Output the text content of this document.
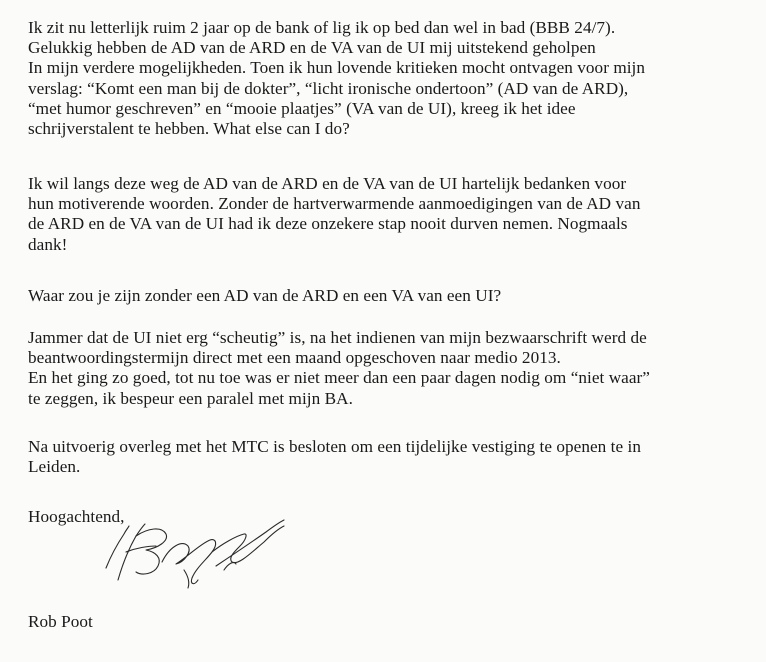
Ik zit nu letterlijk ruim 2 jaar op de bank of lig ik op bed dan wel in bad (BBB 24/7).
Gelukkig hebben de AD van de ARD en de VA van de UI mij uitstekend geholpen
In mijn verdere mogelijkheden. Toen ik hun lovende kritieken mocht ontvagen voor mijn
verslag: “Komt een man bij de dokter”, “licht ironische ondertoon” (AD van de ARD),
“met humor geschreven” en “mooie plaatjes” (VA van de UI), kreeg ik het idee
schrijverstalent te hebben. What else can I do?
Ik wil langs deze weg de AD van de ARD en de VA van de UI hartelijk bedanken voor
hun motiverende woorden. Zonder de hartverwarmende aanmoedigingen van de AD van
de ARD en de VA van de UI had ik deze onzekere stap nooit durven nemen. Nogmaals
dank!
Waar zou je zijn zonder een AD van de ARD en een VA van een UI?
Jammer dat de UI niet erg “scheutig” is, na het indienen van mijn bezwaarschrift werd de
beantwoordingstermijn direct met een maand opgeschoven naar medio 2013.
En het ging zo goed, tot nu toe was er niet meer dan een paar dagen nodig om “niet waar”
te zeggen, ik bespeur een paralel met mijn BA.
Na uitvoerig overleg met het MTC is besloten om een tijdelijke vestiging te openen te in
Leiden.
Hoogachtend,
Rob Poot
